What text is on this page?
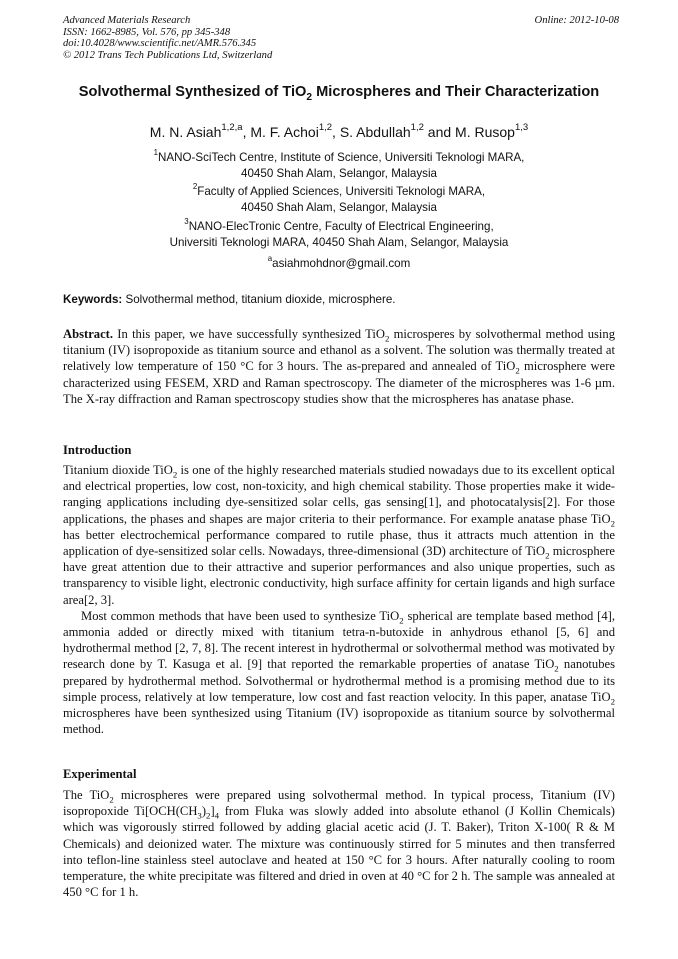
Advanced Materials Research
ISSN: 1662-8985, Vol. 576, pp 345-348
doi:10.4028/www.scientific.net/AMR.576.345
© 2012 Trans Tech Publications Ltd, Switzerland
Online: 2012-10-08
Solvothermal Synthesized of TiO$_2$ Microspheres and Their Characterization
M. N. Asiah$^{1,2,a}$, M. F. Achoi$^{1,2}$, S. Abdullah$^{1,2}$ and M. Rusop$^{1,3}$
$^1$NANO-SciTech Centre, Institute of Science, Universiti Teknologi MARA,
40450 Shah Alam, Selangor, Malaysia
$^2$Faculty of Applied Sciences, Universiti Teknologi MARA,
40450 Shah Alam, Selangor, Malaysia
$^3$NANO-ElecTronic Centre, Faculty of Electrical Engineering,
Universiti Teknologi MARA, 40450 Shah Alam, Selangor, Malaysia
$^a$asiahmohdnor@gmail.com
Keywords: Solvothermal method, titanium dioxide, microsphere.

Abstract. In this paper, we have successfully synthesized TiO$_2$ microsperes by solvothermal method using titanium (IV) isopropoxide as titanium source and ethanol as a solvent. The solution was thermally treated at relatively low temperature of 150 °C for 3 hours. The as-prepared and annealed of TiO$_2$ microsphere were characterized using FESEM, XRD and Raman spectroscopy. The diameter of the microspheres was 1-6 µm. The X-ray diffraction and Raman spectroscopy studies show that the microspheres has anatase phase.

Introduction

Titanium dioxide TiO$_2$ is one of the highly researched materials studied nowadays due to its excellent optical and electrical properties, low cost, non-toxicity, and high chemical stability. Those properties make it wide-ranging applications including dye-sensitized solar cells, gas sensing[1], and photocatalysis[2]. For those applications, the phases and shapes are major criteria to their performance. For example anatase phase TiO$_2$ has better electrochemical performance compared to rutile phase, thus it attracts much attention in the application of dye-sensitized solar cells. Nowadays, three-dimensional (3D) architecture of TiO$_2$ microsphere have great attention due to their attractive and superior performances and also unique properties, such as transparency to visible light, electronic conductivity, high surface affinity for certain ligands and high surface area[2, 3].

Most common methods that have been used to synthesize TiO$_2$ spherical are template based method [4], ammonia added or directly mixed with titanium tetra-n-butoxide in anhydrous ethanol [5, 6] and hydrothermal method [2, 7, 8]. The recent interest in hydrothermal or solvothermal method was motivated by research done by T. Kasuga et al. [9] that reported the remarkable properties of anatase TiO$_2$ nanotubes prepared by hydrothermal method. Solvothermal or hydrothermal method is a promising method due to its simple process, relatively at low temperature, low cost and fast reaction velocity. In this paper, anatase TiO$_2$ microspheres have been synthesized using Titanium (IV) isopropoxide as titanium source by solvothermal method.

Experimental

The TiO$_2$ microspheres were prepared using solvothermal method. In typical process, Titanium (IV) isopropoxide $Ti[OCH(CH_3)_2]_4$ from Fluka was slowly added into absolute ethanol (J Kollin Chemicals) which was vigorously stirred followed by adding glacial acetic acid (J. T. Baker), Triton X-100( R & M Chemicals) and deionized water. The mixture was continuously stirred for 5 minutes and then transferred into teflon-line stainless steel autoclave and heated at 150 °C for 3 hours. After naturally cooling to room temperature, the white precipitate was filtered and dried in oven at 40 °C for 2 h. The sample was annealed at 450 °C for 1 h.
